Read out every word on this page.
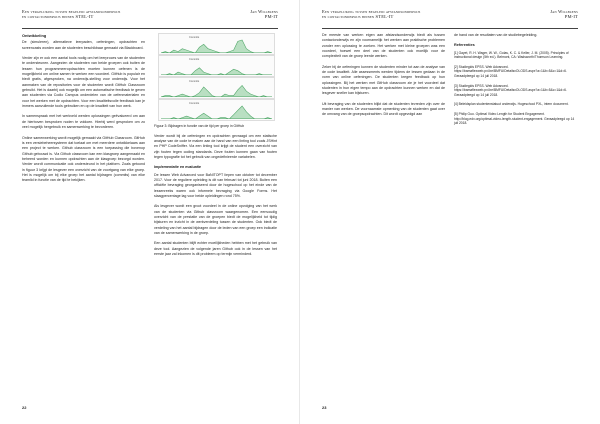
Een vergelijking tussen begeleid afstandsonderwijs
en contactonderwijs binnen STEL-IT
Jan Willekens
PM-IT
Ontwikkeling

De (simuleren), alternatieve leerpaden, oefeningen, opdrachten en screencasts worden aan de studenten beschikbaar gemaakt via Blackboard.

Verder zijn er ook een aantal tools nodig om het leerproces van de studenten te ondersteunen. Aangezien de studenten van beide groepen ook buiten de lessen hun programmeeropdrachten moeten kunnen oefenen is de mogelijkheid om online samen te werken een voordeel. GitHub is populair en biedt gratis, afgesproken, na onderwijs-stelling voor onderwijs. Voor het aanmaken van de repositories voor de studenten wordt GitHub Classroom gebruikt. Het is daarbij ook mogelijk om een automatische feedback te geven aan studenten via Codio Campus onderdelen van de oefenmaterialen en voor het werken met de opdrachten. Voor een kwaliteitsvolle feedback kan je immers aanvullende tools gebruiken en op de kwaliteit van hun werk.

In samenspraak met het werkveld werden oplossingen geëvalueerd om aan de hierboven besproken noden te voldoen. Hierbij werd gesproken om zo veel mogelijk hergebruik en samenwerking te bevorderen.

Online samenwerking wordt mogelijk gemaakt via GitHub Classroom. GitHub is een versiebeheersysteem dat toelaat om met meerdere ontwikkelaars aan een project te werken. Github classroom is een toepassing die bovenop Github gebouwd is. Via Github classroom kan een klasgroep aangemaakt en beheerd worden en kunnen opdrachten aan de klasgroep bezorgd worden. Verder wordt communicatie ook ondersteund in het platform. Zoals getoond in figuur 3 krijgt de lesgever een overzicht van de voortgang van elke groep. Het is mogelijk om bij elke groep het aantal bijdragen (commits) van elke teamlid in functie van de tijd te bekijken.

Commits
Commits
Commits
Commits
Figuur 3: Bijdragen in functie van de tijd per groep in GitHub

Verder wordt bij de oefeningen en opdrachten gevraagd om een statische analyse van de code te maken aan de hand van een linting tool zoals JSHint en PHP CodeSniffer. Via een linting tool krijgt de student een overzicht van zijn fouten tegen coding standards. Deze fouten kunnen gaan van fouten tegen typografie tot het gebruik van ongedefinieerde variabelen.

Implementatie en evaluatie

De lessen Web Advanced voor BaNITOPT liepen van oktober tot december 2017. Voor de reguliere opleiding is dit van februari tot juni 2018. Buiten een officiële bevraging georganiseerd door de hogeschool op het einde van de lessenreeks waren ook informele bevraging via Google Forms. Het slaagpercentage lag voor beide opleidingen rond 75%.

Als lesgever wordt een groot voordeel in de online opvolging van het werk van de studenten via Github classroom waargenomen. Een eenvoudig overzicht van de prestatie van de groepen biedt de mogelijkheid tot tijdig bijsturen en inzicht in de werkverdeling tussen de studenten. Ook biedt de verdeling van het aantal bijdragen door de leden van een groep een indicatie van de samenwerking in de groep.

Een aantal studenten blijft echter moeilijkheden hebben met het gebruik van deze tool. Aangezien de volgende jaren Github ook in de lessen van het eerste jaar zal inkomen is dit probleem op termijn verminderd.

22
Een vergelijking tussen begeleid afstandsonderwijs
en contactonderwijs binnen STEL-IT
Jan Willekens
PM-IT

De meeste van werken eigen aan afstandsonderwijs biedt als tussen contactonderwijs en zijn voornamelijk het werken aan praktische problemen zonder een oplossing te zoeken. Het werken met kleine groepen was een voordeel, hoewel een deel van de studenten ook moeilijk voor de complexiteit van de groep leerde werken.

Zeker bij de oefeningen kunnen de studenten minder tot aan de analyse van de code kwaliteit. Alle assessments werden tijdens de lessen gedaan in de vorm van online oefeningen. De studenten kregen feedback op hun oplossingen. Bij het werken met GitHub classroom zie je het voordeel dat studenten in hun eigen tempo aan de opdrachten kunnen werken en dat de lesgever sneller kan bijsturen.

Uit bevraging van de studenten blijkt dat de studenten tevreden zijn over de manier van werken. De voornaamste opmerking van de studenten gaat over de omvang van de groepsopdrachten. Dit wordt opgevolgd aan

de hand van de resultaten van de studiebegeleiding.

Referenties

[1] Gayet, R. H. Wager, W. W., Golas, K. C. & Keller, J. M. (2005). Principles of instructional design (5th ed.). Belmont, CA: Wadsworth/Thomson Learning.

[2] Studiegids EPSS. Web Advanced. https://bamaflexweb.pxl.be/BMFUIDetailsxOLODS.aspx?a=1&b=5&c=1&d=6. Geraadpleegd op 14 juli 2018.

[3] Studiegids EPSS. Web Advanced. https://bamaflexweb.pxl.be/BMFUIDetailsxOLODS.aspx?a=1&b=5&c=1&d=6. Geraadpleegd op 14 juli 2018.

[4] Beleidsplan studentenstatuut onderwijs. Hogeschool PXL, intern document.

[5] Philip Guo. Optimal Video Length for Student Engagement. http://blog.edx.org/optimal-video-length-student-engagement. Geraadpleegd op 14 juli 2018.

23
